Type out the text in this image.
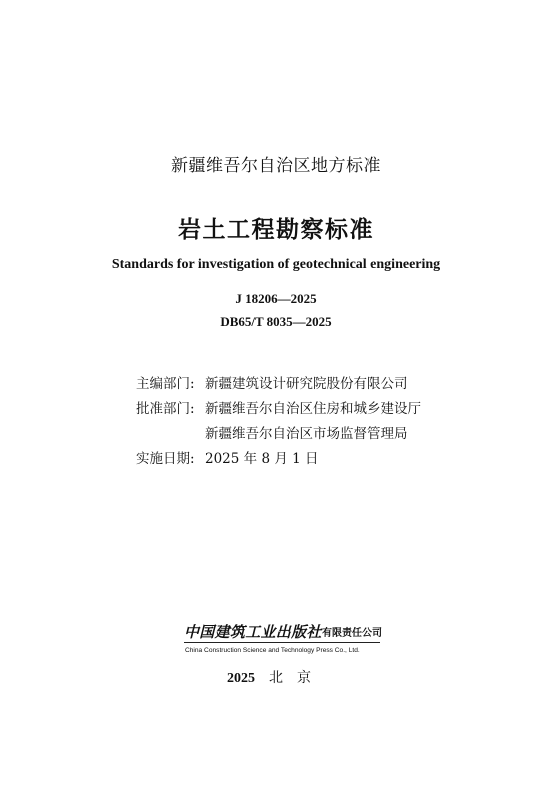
新疆维吾尔自治区地方标准
岩土工程勘察标准
Standards for investigation of geotechnical engineering
J 18206—2025
DB65/T 8035—2025
主编部门: 新疆建筑设计研究院股份有限公司
批准部门: 新疆维吾尔自治区住房和城乡建设厅
新疆维吾尔自治区市场监督管理局
实施日期: 2025 年 8 月 1 日
中国建筑工业出版社 有限责任公司
China Construction Science and Technology Press Co., Ltd.
2025 北京
